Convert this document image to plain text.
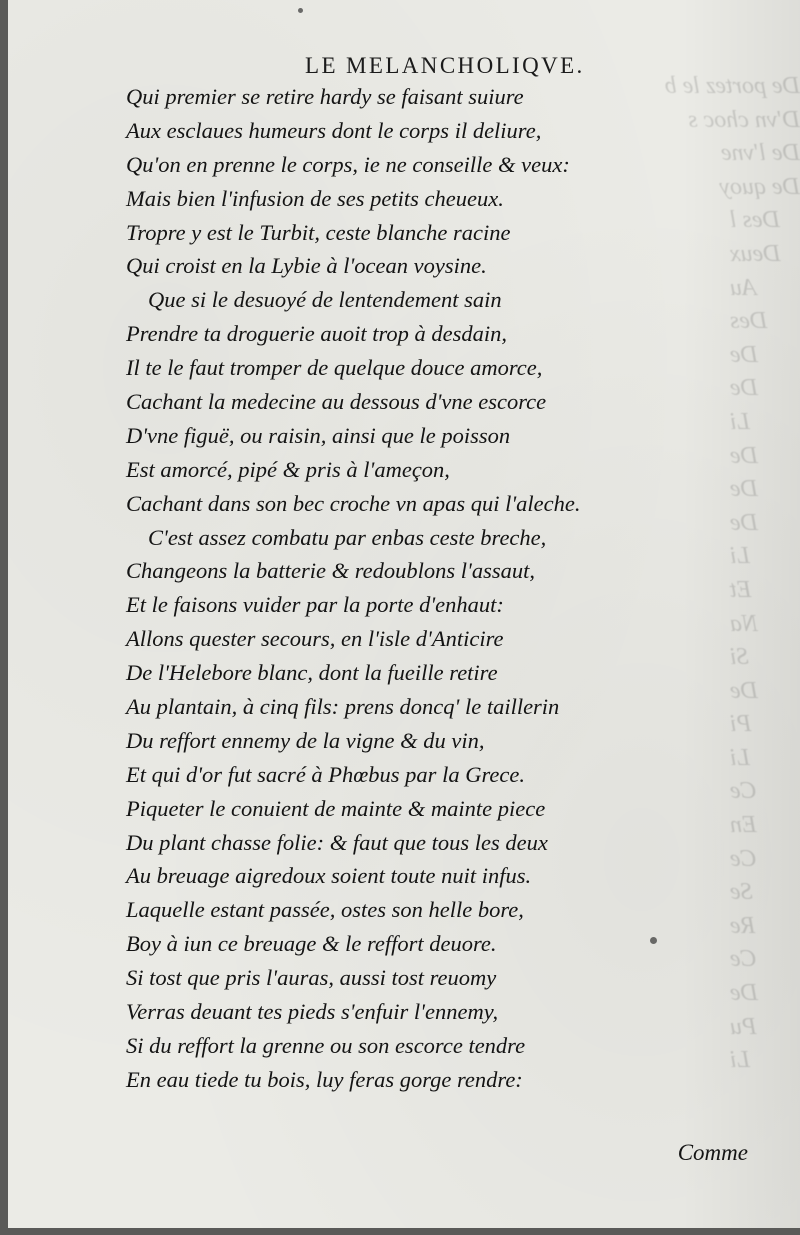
De portez le b
D'vn choc s
De l'vne
De quoy
Des l
Deux
Au
Des
De
De
Li
De
De
De
Li
Et
Na
Si
De
Pi
Li
Ce
En
Ce
Se
Re
Ce
De
Pu
Li
LE MELANCHOLIQVE.
Qui premier se retire hardy se faisant suiure
Aux esclaues humeurs dont le corps il deliure,
Qu'on en prenne le corps, ie ne conseille & veux:
Mais bien l'infusion de ses petits cheueux.
Tropre y est le Turbit, ceste blanche racine
Qui croist en la Lybie à l'ocean voysine.
Que si le desuoyé de lentendement sain
Prendre ta droguerie auoit trop à desdain,
Il te le faut tromper de quelque douce amorce,
Cachant la medecine au dessous d'vne escorce
D'vne figuë, ou raisin, ainsi que le poisson
Est amorcé, pipé & pris à l'ameçon,
Cachant dans son bec croche vn apas qui l'aleche.
C'est assez combatu par enbas ceste breche,
Changeons la batterie & redoublons l'assaut,
Et le faisons vuider par la porte d'enhaut:
Allons quester secours, en l'isle d'Anticire
De l'Helebore blanc, dont la fueille retire
Au plantain, à cinq fils: prens doncq' le taillerin
Du reffort ennemy de la vigne & du vin,
Et qui d'or fut sacré à Phœbus par la Grece.
Piqueter le conuient de mainte & mainte piece
Du plant chasse folie: & faut que tous les deux
Au breuage aigredoux soient toute nuit infus.
Laquelle estant passée, ostes son helle bore,
Boy à iun ce breuage & le reffort deuore.
Si tost que pris l'auras, aussi tost reuomy
Verras deuant tes pieds s'enfuir l'ennemy,
Si du reffort la grenne ou son escorce tendre
En eau tiede tu bois, luy feras gorge rendre:
Comme
